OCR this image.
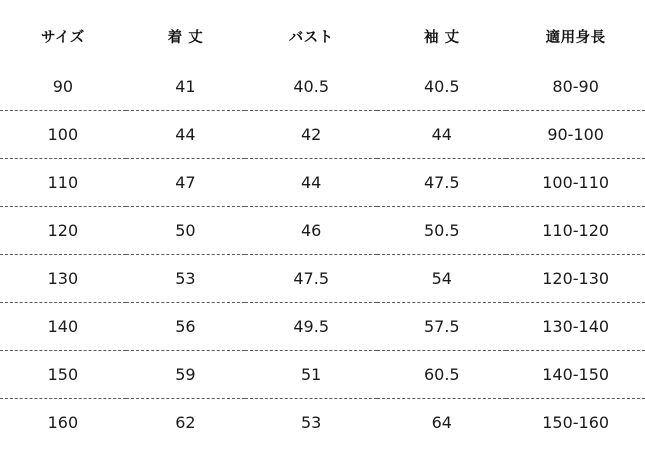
サイズ	着 丈	バスト	袖 丈	適用身長
90	41	40.5	40.5	80-90
100	44	42	44	90-100
110	47	44	47.5	100-110
120	50	46	50.5	110-120
130	53	47.5	54	120-130
140	56	49.5	57.5	130-140
150	59	51	60.5	140-150
160	62	53	64	150-160
